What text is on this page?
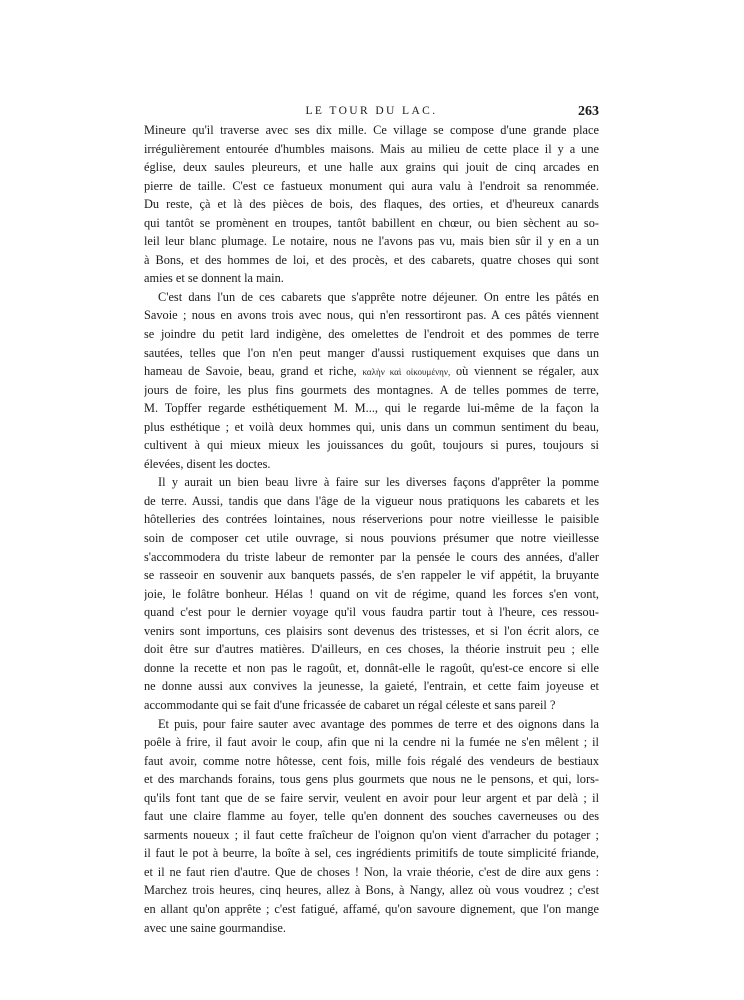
LE TOUR DU LAC.	263
Mineure qu'il traverse avec ses dix mille. Ce village se compose d'une grande place
irrégulièrement entourée d'humbles maisons. Mais au milieu de cette place il y a une
église, deux saules pleureurs, et une halle aux grains qui jouit de cinq arcades en
pierre de taille. C'est ce fastueux monument qui aura valu à l'endroit sa renommée.
Du reste, çà et là des pièces de bois, des flaques, des orties, et d'heureux canards
qui tantôt se promènent en troupes, tantôt babillent en chœur, ou bien sèchent au so-
leil leur blanc plumage. Le notaire, nous ne l'avons pas vu, mais bien sûr il y en a un
à Bons, et des hommes de loi, et des procès, et des cabarets, quatre choses qui sont
amies et se donnent la main.
C'est dans l'un de ces cabarets que s'apprête notre déjeuner. On entre les pâtés en
Savoie ; nous en avons trois avec nous, qui n'en ressortiront pas. A ces pâtés viennent
se joindre du petit lard indigène, des omelettes de l'endroit et des pommes de terre
sautées, telles que l'on n'en peut manger d'aussi rustiquement exquises que dans un
hameau de Savoie, beau, grand et riche, καλὴν καὶ οἰκουμένην, où viennent se régaler, aux
jours de foire, les plus fins gourmets des montagnes. A de telles pommes de terre,
M. Topffer regarde esthétiquement M. M..., qui le regarde lui-même de la façon la
plus esthétique ; et voilà deux hommes qui, unis dans un commun sentiment du beau,
cultivent à qui mieux mieux les jouissances du goût, toujours si pures, toujours si
élevées, disent les doctes.
Il y aurait un bien beau livre à faire sur les diverses façons d'apprêter la pomme
de terre. Aussi, tandis que dans l'âge de la vigueur nous pratiquons les cabarets et les
hôtelleries des contrées lointaines, nous réserverions pour notre vieillesse le paisible
soin de composer cet utile ouvrage, si nous pouvions présumer que notre vieillesse
s'accommodera du triste labeur de remonter par la pensée le cours des années, d'aller
se rasseoir en souvenir aux banquets passés, de s'en rappeler le vif appétit, la bruyante
joie, le folâtre bonheur. Hélas ! quand on vit de régime, quand les forces s'en vont,
quand c'est pour le dernier voyage qu'il vous faudra partir tout à l'heure, ces ressou-
venirs sont importuns, ces plaisirs sont devenus des tristesses, et si l'on écrit alors, ce
doit être sur d'autres matières. D'ailleurs, en ces choses, la théorie instruit peu ; elle
donne la recette et non pas le ragoût, et, donnât-elle le ragoût, qu'est-ce encore si elle
ne donne aussi aux convives la jeunesse, la gaieté, l'entrain, et cette faim joyeuse et
accommodante qui se fait d'une fricassée de cabaret un régal céleste et sans pareil ?
Et puis, pour faire sauter avec avantage des pommes de terre et des oignons dans la
poêle à frire, il faut avoir le coup, afin que ni la cendre ni la fumée ne s'en mêlent ; il
faut avoir, comme notre hôtesse, cent fois, mille fois régalé des vendeurs de bestiaux
et des marchands forains, tous gens plus gourmets que nous ne le pensons, et qui, lors-
qu'ils font tant que de se faire servir, veulent en avoir pour leur argent et par delà ; il
faut une claire flamme au foyer, telle qu'en donnent des souches caverneuses ou des
sarments noueux ; il faut cette fraîcheur de l'oignon qu'on vient d'arracher du potager ;
il faut le pot à beurre, la boîte à sel, ces ingrédients primitifs de toute simplicité friande,
et il ne faut rien d'autre. Que de choses ! Non, la vraie théorie, c'est de dire aux gens :
Marchez trois heures, cinq heures, allez à Bons, à Nangy, allez où vous voudrez ; c'est
en allant qu'on apprête ; c'est fatigué, affamé, qu'on savoure dignement, que l'on mange
avec une saine gourmandise.
